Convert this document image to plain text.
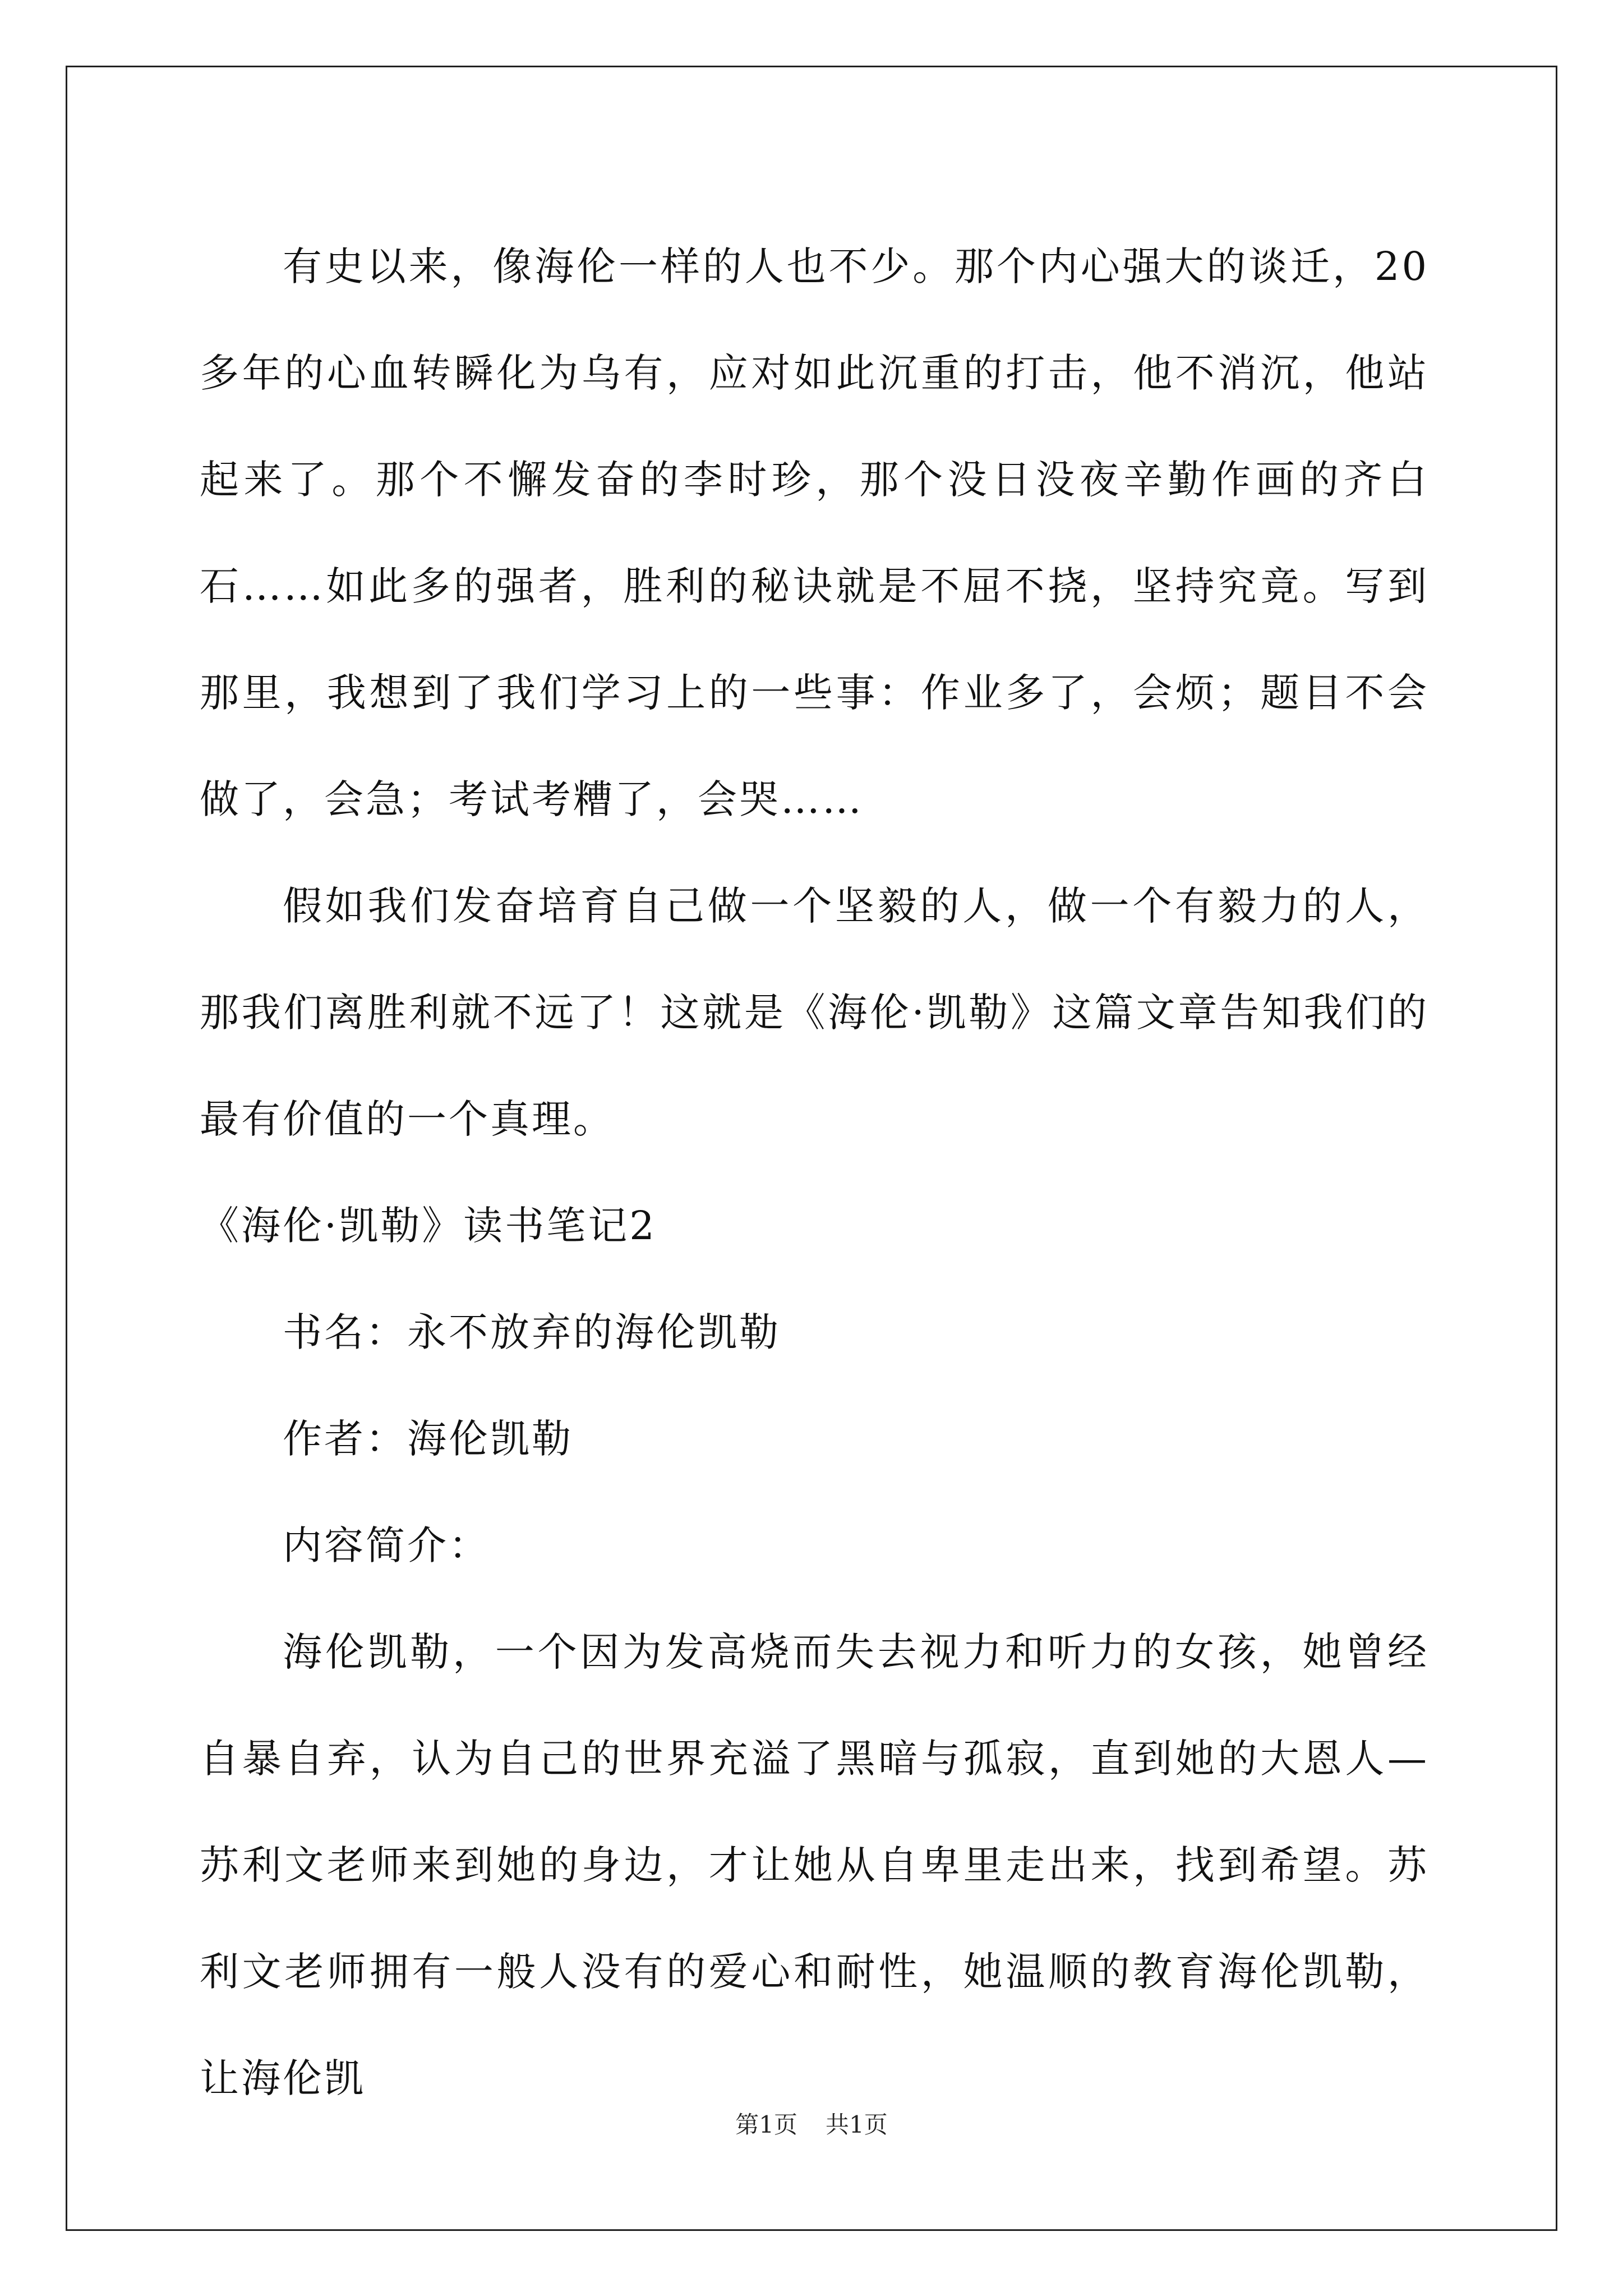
有史以来，像海伦一样的人也不少。那个内心强大的谈迁，20多年的心血转瞬化为乌有，应对如此沉重的打击，他不消沉，他站起来了。那个不懈发奋的李时珍，那个没日没夜辛勤作画的齐白石……如此多的强者，胜利的秘诀就是不屈不挠，坚持究竟。写到那里，我想到了我们学习上的一些事：作业多了，会烦；题目不会做了，会急；考试考糟了，会哭……

假如我们发奋培育自己做一个坚毅的人，做一个有毅力的人，那我们离胜利就不远了！这就是《海伦·凯勒》这篇文章告知我们的最有价值的一个真理。

《海伦·凯勒》读书笔记2

书名：永不放弃的海伦凯勒

作者：海伦凯勒

内容简介：

海伦凯勒，一个因为发高烧而失去视力和听力的女孩，她曾经自暴自弃，认为自己的世界充溢了黑暗与孤寂，直到她的大恩人—苏利文老师来到她的身边，才让她从自卑里走出来，找到希望。苏利文老师拥有一般人没有的爱心和耐性，她温顺的教育海伦凯勒，让海伦凯

第1页 共1页
